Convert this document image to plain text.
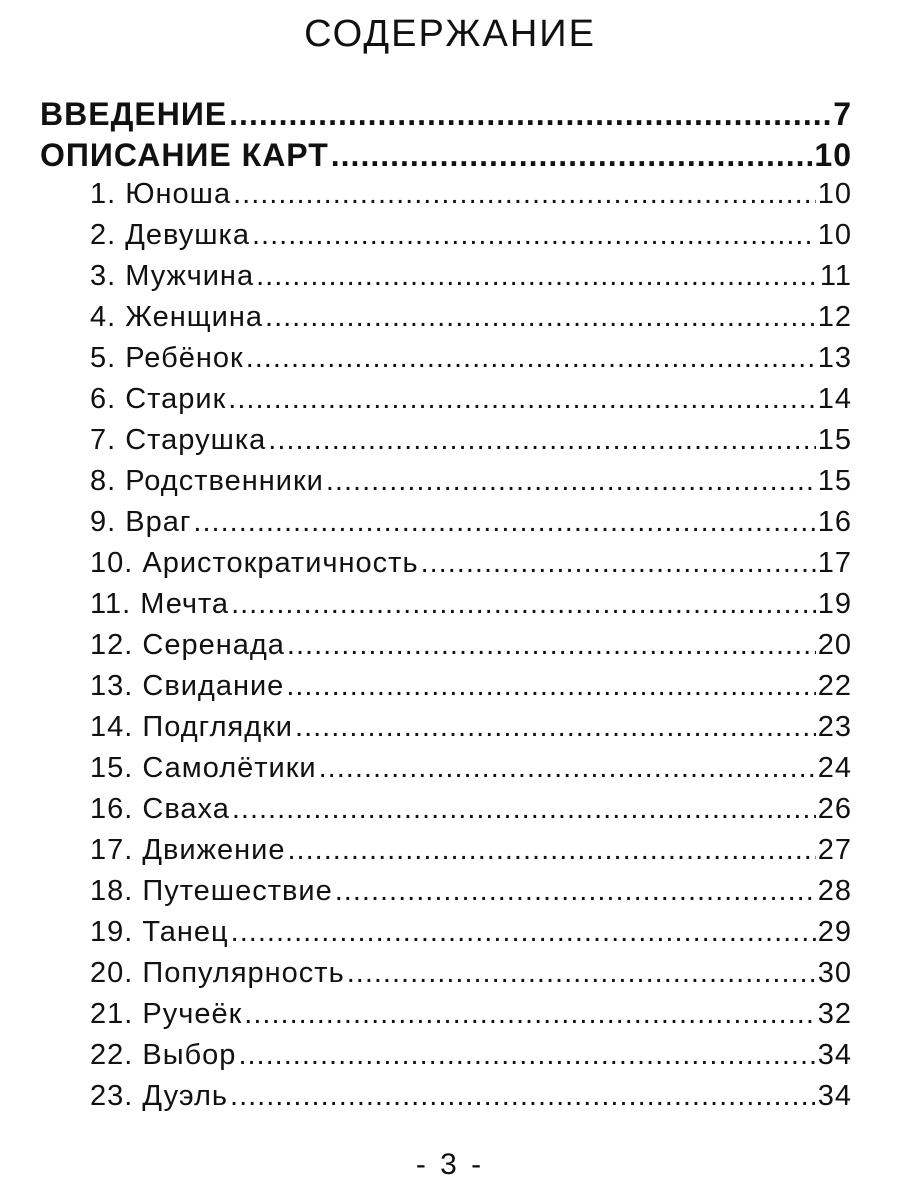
СОДЕРЖАНИЕ
ВВЕДЕНИЕ .....	7
ОПИСАНИЕ КАРТ .....	10
1. Юноша .....	10
2. Девушка .....	10
3. Мужчина .....	11
4. Женщина .....	12
5. Ребёнок .....	13
6. Старик .....	14
7. Старушка .....	15
8. Родственники .....	15
9. Враг .....	16
10. Аристократичность .....	17
11. Мечта .....	19
12. Серенада .....	20
13. Свидание .....	22
14. Подглядки .....	23
15. Самолётики .....	24
16. Сваха .....	26
17. Движение .....	27
18. Путешествие .....	28
19. Танец .....	29
20. Популярность .....	30
21. Ручеёк .....	32
22. Выбор .....	34
23. Дуэль .....	34
- 3 -
